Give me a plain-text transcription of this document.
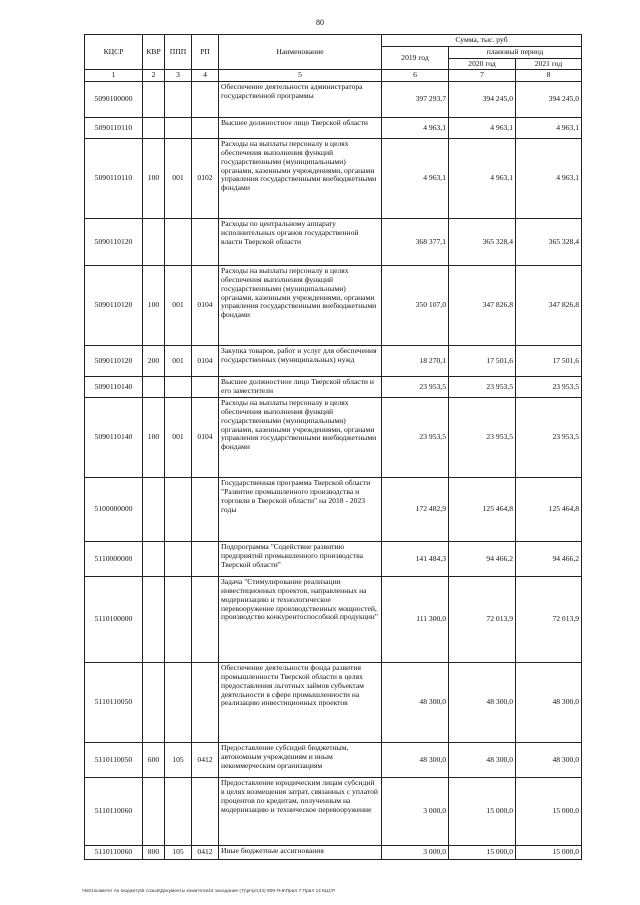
80
КЦСР	КВР	ППП	РП	Наименование	Сумма, тыс. руб		
					2019 год	плановый период	
						2020 год	2021 год
1	2	3	4	5	6	7	8
5090100000				Обеспечение деятельности администратора государственной программы	397 293,7	394 245,0	394 245,0
5090110110				Высшее должностное лицо Тверской области	4 963,1	4 963,1	4 963,1
5090110110	100	001	0102	Расходы на выплаты персоналу в целях обеспечения выполнения функций государственными (муниципальными) органами, казенными учреждениями, органами управления государственными внебюджетными фондами	4 963,1	4 963,1	4 963,1
5090110120				Расходы по центральному аппарату исполнительных органов государственной власти Тверской области	368 377,1	365 328,4	365 328,4
5090110120	100	001	0104	Расходы на выплаты персоналу в целях обеспечения выполнения функций государственными (муниципальными) органами, казенными учреждениями, органами управления государственными внебюджетными фондами	350 107,0	347 826,8	347 826,8
5090110120	200	001	0104	Закупка товаров, работ и услуг для обеспечения государственных (муниципальных) нужд	18 270,1	17 501,6	17 501,6
5090110140				Высшее должностное лицо Тверской области и его заместители	23 953,5	23 953,5	23 953,5
5090110140	100	001	0104	Расходы на выплаты персоналу в целях обеспечения выполнения функций государственными (муниципальными) органами, казенными учреждениями, органами управления государственными внебюджетными фондами	23 953,5	23 953,5	23 953,5
5100000000				Государственная программа Тверской области "Развитие промышленного производства и торговли в Тверской области" на 2018 - 2023 годы	172 482,9	125 464,8	125 464,8
5110000000				Подпрограмма "Содействие развитию предприятий промышленного производства Тверской области"	141 484,3	94 466,2	94 466,2
5110100000				Задача "Стимулирование реализации инвестиционных проектов, направленных на модернизацию и технологическое перевооружение производственных мощностей, производство конкурентоспособной продукции"	111 300,0	72 013,9	72 013,9
5110110050				Обеспечение деятельности фонда развития промышленности Тверской области в целях предоставления льготных займов субъектам деятельности в сфере промышленности на реализацию инвестиционных проектов	48 300,0	48 300,0	48 300,0
5110110050	600	105	0412	Предоставление субсидий бюджетным, автономным учреждениям и иным некоммерческим организациям	48 300,0	48 300,0	48 300,0
5110110060				Предоставление юридическим лицам субсидий в целях возмещения затрат, связанных с уплатой процентов по кредитам, полученным на модернизацию и техническое перевооружение	3 000,0	15 000,0	15 000,0
5110110060	800	105	0412	Иные бюджетные ассигнования	3 000,0	15 000,0	15 000,0
\\fs01\комитет по бюджету\Б созыв\Документы комитета\44 заседание (7)\рг\рт(44) 809-П-6\Прил 7 Прил 14 КЦСР
